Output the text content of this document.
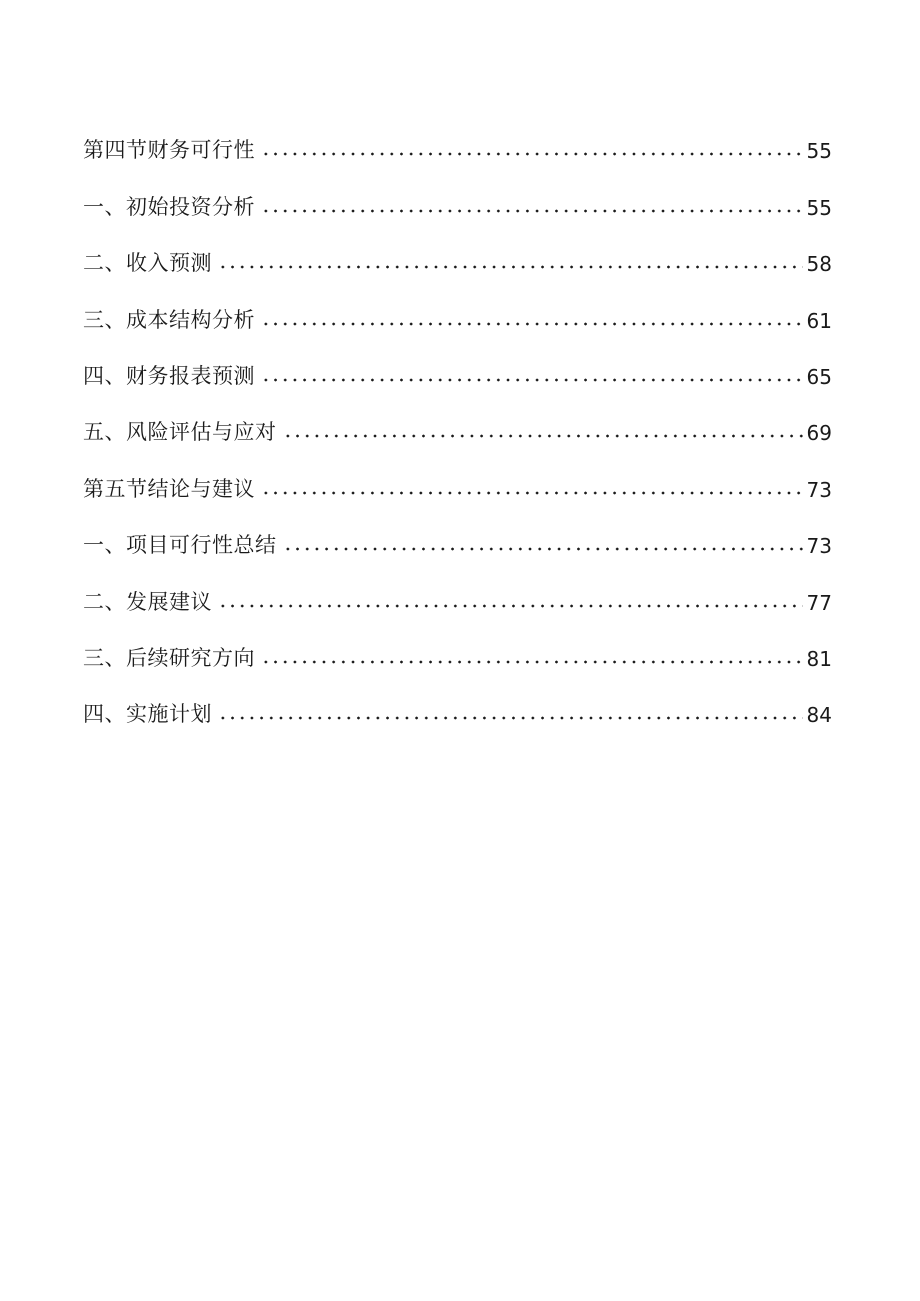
第四节财务可行性	55
一、初始投资分析	55
二、收入预测	58
三、成本结构分析	61
四、财务报表预测	65
五、风险评估与应对	69
第五节结论与建议	73
一、项目可行性总结	73
二、发展建议	77
三、后续研究方向	81
四、实施计划	84
